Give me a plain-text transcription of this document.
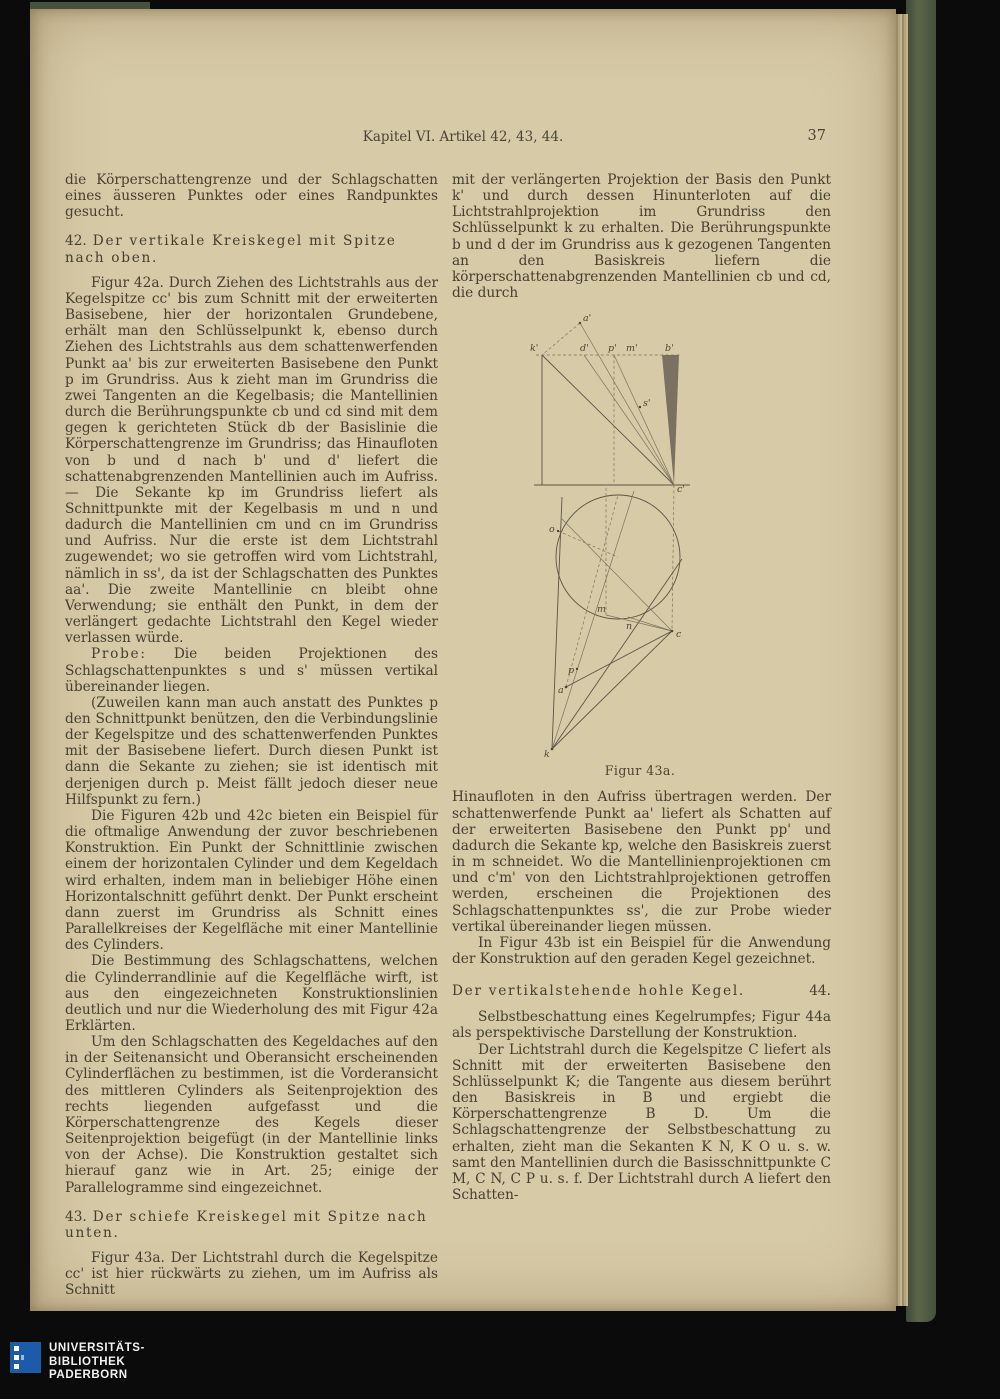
Kapitel VI. Artikel 42, 43, 44.	37

die Körperschattengrenze und der Schlagschatten eines äusseren Punktes oder eines Randpunktes gesucht.

42. Der vertikale Kreiskegel mit Spitze nach oben.

Figur 42a. Durch Ziehen des Lichtstrahls aus der Kegelspitze cc' bis zum Schnitt mit der erweiterten Basisebene, hier der horizontalen Grundebene, erhält man den Schlüsselpunkt k, ebenso durch Ziehen des Lichtstrahls aus dem schattenwerfenden Punkt aa' bis zur erweiterten Basisebene den Punkt p im Grundriss. Aus k zieht man im Grundriss die zwei Tangenten an die Kegelbasis; die Mantellinien durch die Berührungspunkte cb und cd sind mit dem gegen k gerichteten Stück db der Basislinie die Körperschattengrenze im Grundriss; das Hinaufloten von b und d nach b' und d' liefert die schattenabgrenzenden Mantellinien auch im Aufriss. — Die Sekante kp im Grundriss liefert als Schnittpunkte mit der Kegelbasis m und n und dadurch die Mantellinien cm und cn im Grundriss und Aufriss. Nur die erste ist dem Lichtstrahl zugewendet; wo sie getroffen wird vom Lichtstrahl, nämlich in ss', da ist der Schlagschatten des Punktes aa'. Die zweite Mantellinie cn bleibt ohne Verwendung; sie enthält den Punkt, in dem der verlängert gedachte Lichtstrahl den Kegel wieder verlassen würde.

Probe: Die beiden Projektionen des Schlagschattenpunktes s und s' müssen vertikal übereinander liegen.

(Zuweilen kann man auch anstatt des Punktes p den Schnittpunkt benützen, den die Verbindungslinie der Kegelspitze und des schattenwerfenden Punktes mit der Basisebene liefert. Durch diesen Punkt ist dann die Sekante zu ziehen; sie ist identisch mit derjenigen durch p. Meist fällt jedoch dieser neue Hilfspunkt zu fern.)

Die Figuren 42b und 42c bieten ein Beispiel für die oftmalige Anwendung der zuvor beschriebenen Konstruktion. Ein Punkt der Schnittlinie zwischen einem der horizontalen Cylinder und dem Kegeldach wird erhalten, indem man in beliebiger Höhe einen Horizontalschnitt geführt denkt. Der Punkt erscheint dann zuerst im Grundriss als Schnitt eines Parallelkreises der Kegelfläche mit einer Mantellinie des Cylinders.

Die Bestimmung des Schlagschattens, welchen die Cylinderrandlinie auf die Kegelfläche wirft, ist aus den eingezeichneten Konstruktionslinien deutlich und nur die Wiederholung des mit Figur 42a Erklärten.

Um den Schlagschatten des Kegeldaches auf den in der Seitenansicht und Oberansicht erscheinenden Cylinderflächen zu bestimmen, ist die Vorderansicht des mittleren Cylinders als Seitenprojektion des rechts liegenden aufgefasst und die Körperschattengrenze des Kegels dieser Seitenprojektion beigefügt (in der Mantellinie links von der Achse). Die Konstruktion gestaltet sich hierauf ganz wie in Art. 25; einige der Parallelogramme sind eingezeichnet.

43. Der schiefe Kreiskegel mit Spitze nach unten.

Figur 43a. Der Lichtstrahl durch die Kegelspitze cc' ist hier rückwärts zu ziehen, um im Aufriss als Schnitt

mit der verlängerten Projektion der Basis den Punkt k' und durch dessen Hinunterloten auf die Lichtstrahlprojektion im Grundriss den Schlüsselpunkt k zu erhalten. Die Berührungspunkte b und d der im Grundriss aus k gezogenen Tangenten an den Basiskreis liefern die körperschattenabgrenzenden Mantellinien cb und cd, die durch

a'
k'	d' p' m'	b'
s'
c'
o
m
n
c
p
a
k
Figur 43a.

Hinaufloten in den Aufriss übertragen werden. Der schattenwerfende Punkt aa' liefert als Schatten auf der erweiterten Basisebene den Punkt pp' und dadurch die Sekante kp, welche den Basiskreis zuerst in m schneidet. Wo die Mantellinienprojektionen cm und c'm' von den Lichtstrahlprojektionen getroffen werden, erscheinen die Projektionen des Schlagschattenpunktes ss', die zur Probe wieder vertikal übereinander liegen müssen.

In Figur 43b ist ein Beispiel für die Anwendung der Konstruktion auf den geraden Kegel gezeichnet.

Der vertikalstehende hohle Kegel.	44.

Selbstbeschattung eines Kegelrumpfes; Figur 44a als perspektivische Darstellung der Konstruktion.

Der Lichtstrahl durch die Kegelspitze C liefert als Schnitt mit der erweiterten Basisebene den Schlüsselpunkt K; die Tangente aus diesem berührt den Basiskreis in B und ergiebt die Körperschattengrenze B D. Um die Schlagschattengrenze der Selbstbeschattung zu erhalten, zieht man die Sekanten K N, K O u. s. w. samt den Mantellinien durch die Basisschnittpunkte C M, C N, C P u. s. f. Der Lichtstrahl durch A liefert den Schatten-

UNIVERSITÄTS-
BIBLIOTHEK
PADERBORN
